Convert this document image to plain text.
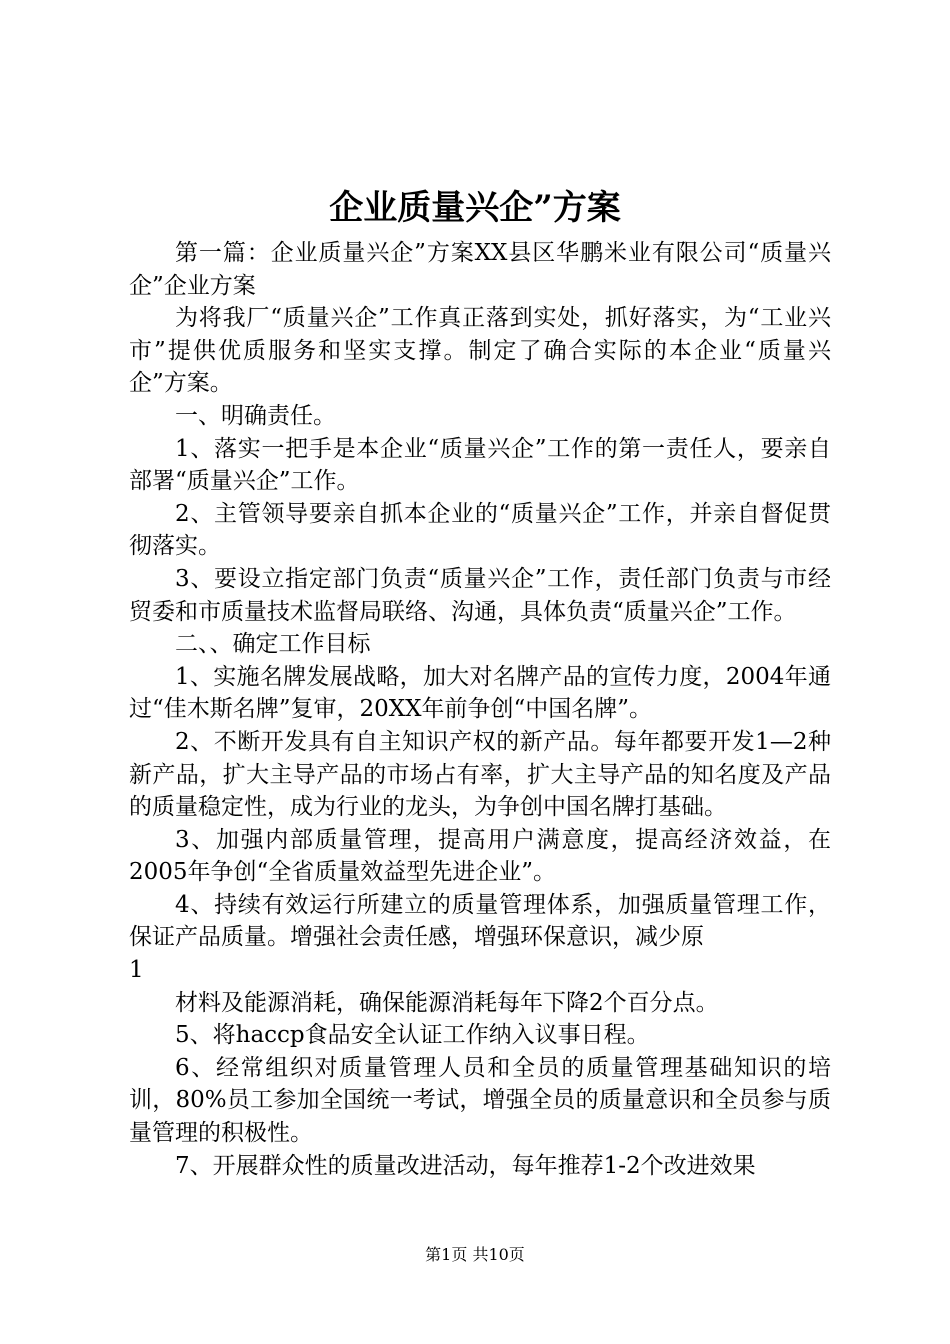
企业质量兴企”方案

第一篇：企业质量兴企”方案XX县区华鹏米业有限公司“质量兴企”企业方案

为将我厂“质量兴企”工作真正落到实处，抓好落实，为“工业兴市”提供优质服务和坚实支撑。制定了确合实际的本企业“质量兴企”方案。

一、明确责任。

1、落实一把手是本企业“质量兴企”工作的第一责任人，要亲自部署“质量兴企”工作。

2、主管领导要亲自抓本企业的“质量兴企”工作，并亲自督促贯彻落实。

3、要设立指定部门负责“质量兴企”工作，责任部门负责与市经贸委和市质量技术监督局联络、沟通，具体负责“质量兴企”工作。

二、、确定工作目标

1、实施名牌发展战略，加大对名牌产品的宣传力度，2004年通过“佳木斯名牌”复审，20XX年前争创“中国名牌”。

2、不断开发具有自主知识产权的新产品。每年都要开发1—2种新产品，扩大主导产品的市场占有率，扩大主导产品的知名度及产品的质量稳定性，成为行业的龙头，为争创中国名牌打基础。

3、加强内部质量管理，提高用户满意度，提高经济效益，在2005年争创“全省质量效益型先进企业”。

4、持续有效运行所建立的质量管理体系，加强质量管理工作，保证产品质量。增强社会责任感，增强环保意识，减少原

1

材料及能源消耗，确保能源消耗每年下降2个百分点。

5、将haccp食品安全认证工作纳入议事日程。

6、经常组织对质量管理人员和全员的质量管理基础知识的培训，80%员工参加全国统一考试，增强全员的质量意识和全员参与质量管理的积极性。

7、开展群众性的质量改进活动，每年推荐1-2个改进效果

第1页 共10页
